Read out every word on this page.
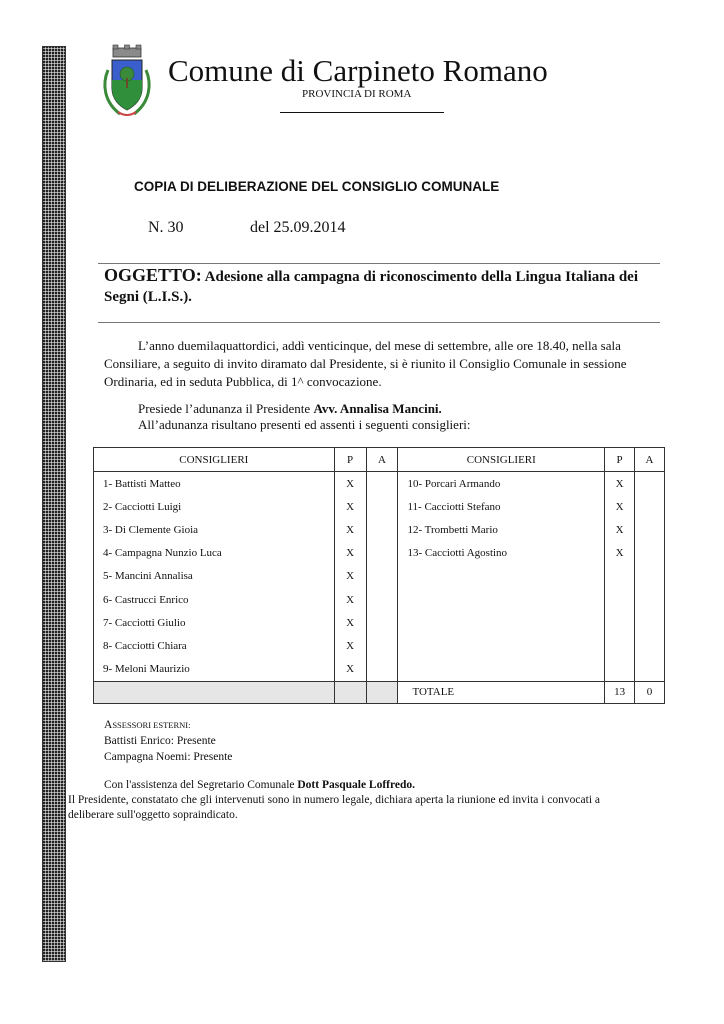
Comune di Carpineto Romano
PROVINCIA DI ROMA
COPIA DI DELIBERAZIONE DEL CONSIGLIO COMUNALE
N. 30	del 25.09.2014
OGGETTO: Adesione alla campagna di riconoscimento della Lingua Italiana dei Segni (L.I.S.).
L’anno duemilaquattordici, addì venticinque, del mese di settembre, alle ore 18.40, nella sala Consiliare, a seguito di invito diramato dal Presidente, si è riunito il Consiglio Comunale in sessione Ordinaria, ed in seduta Pubblica, di 1^ convocazione.
Presiede l’adunanza il Presidente Avv. Annalisa Mancini.
All’adunanza risultano presenti ed assenti i seguenti consiglieri:
CONSIGLIERI	P	A	CONSIGLIERI	P	A
1- Battisti Matteo	X		10- Porcari Armando	X	
2- Cacciotti Luigi	X		11- Cacciotti Stefano	X	
3- Di Clemente Gioia	X		12- Trombetti Mario	X	
4- Campagna Nunzio Luca	X		13- Cacciotti Agostino	X	
5- Mancini Annalisa	X				
6- Castrucci Enrico	X				
7- Cacciotti Giulio	X				
8- Cacciotti Chiara	X				
9- Meloni Maurizio	X				
			TOTALE	13	0
ASSESSORI ESTERNI:
Battisti Enrico: Presente
Campagna Noemi: Presente
Con l'assistenza del Segretario Comunale Dott Pasquale Loffredo.
Il Presidente, constatato che gli intervenuti sono in numero legale, dichiara aperta la riunione ed invita i convocati a
deliberare sull'oggetto sopraindicato.
